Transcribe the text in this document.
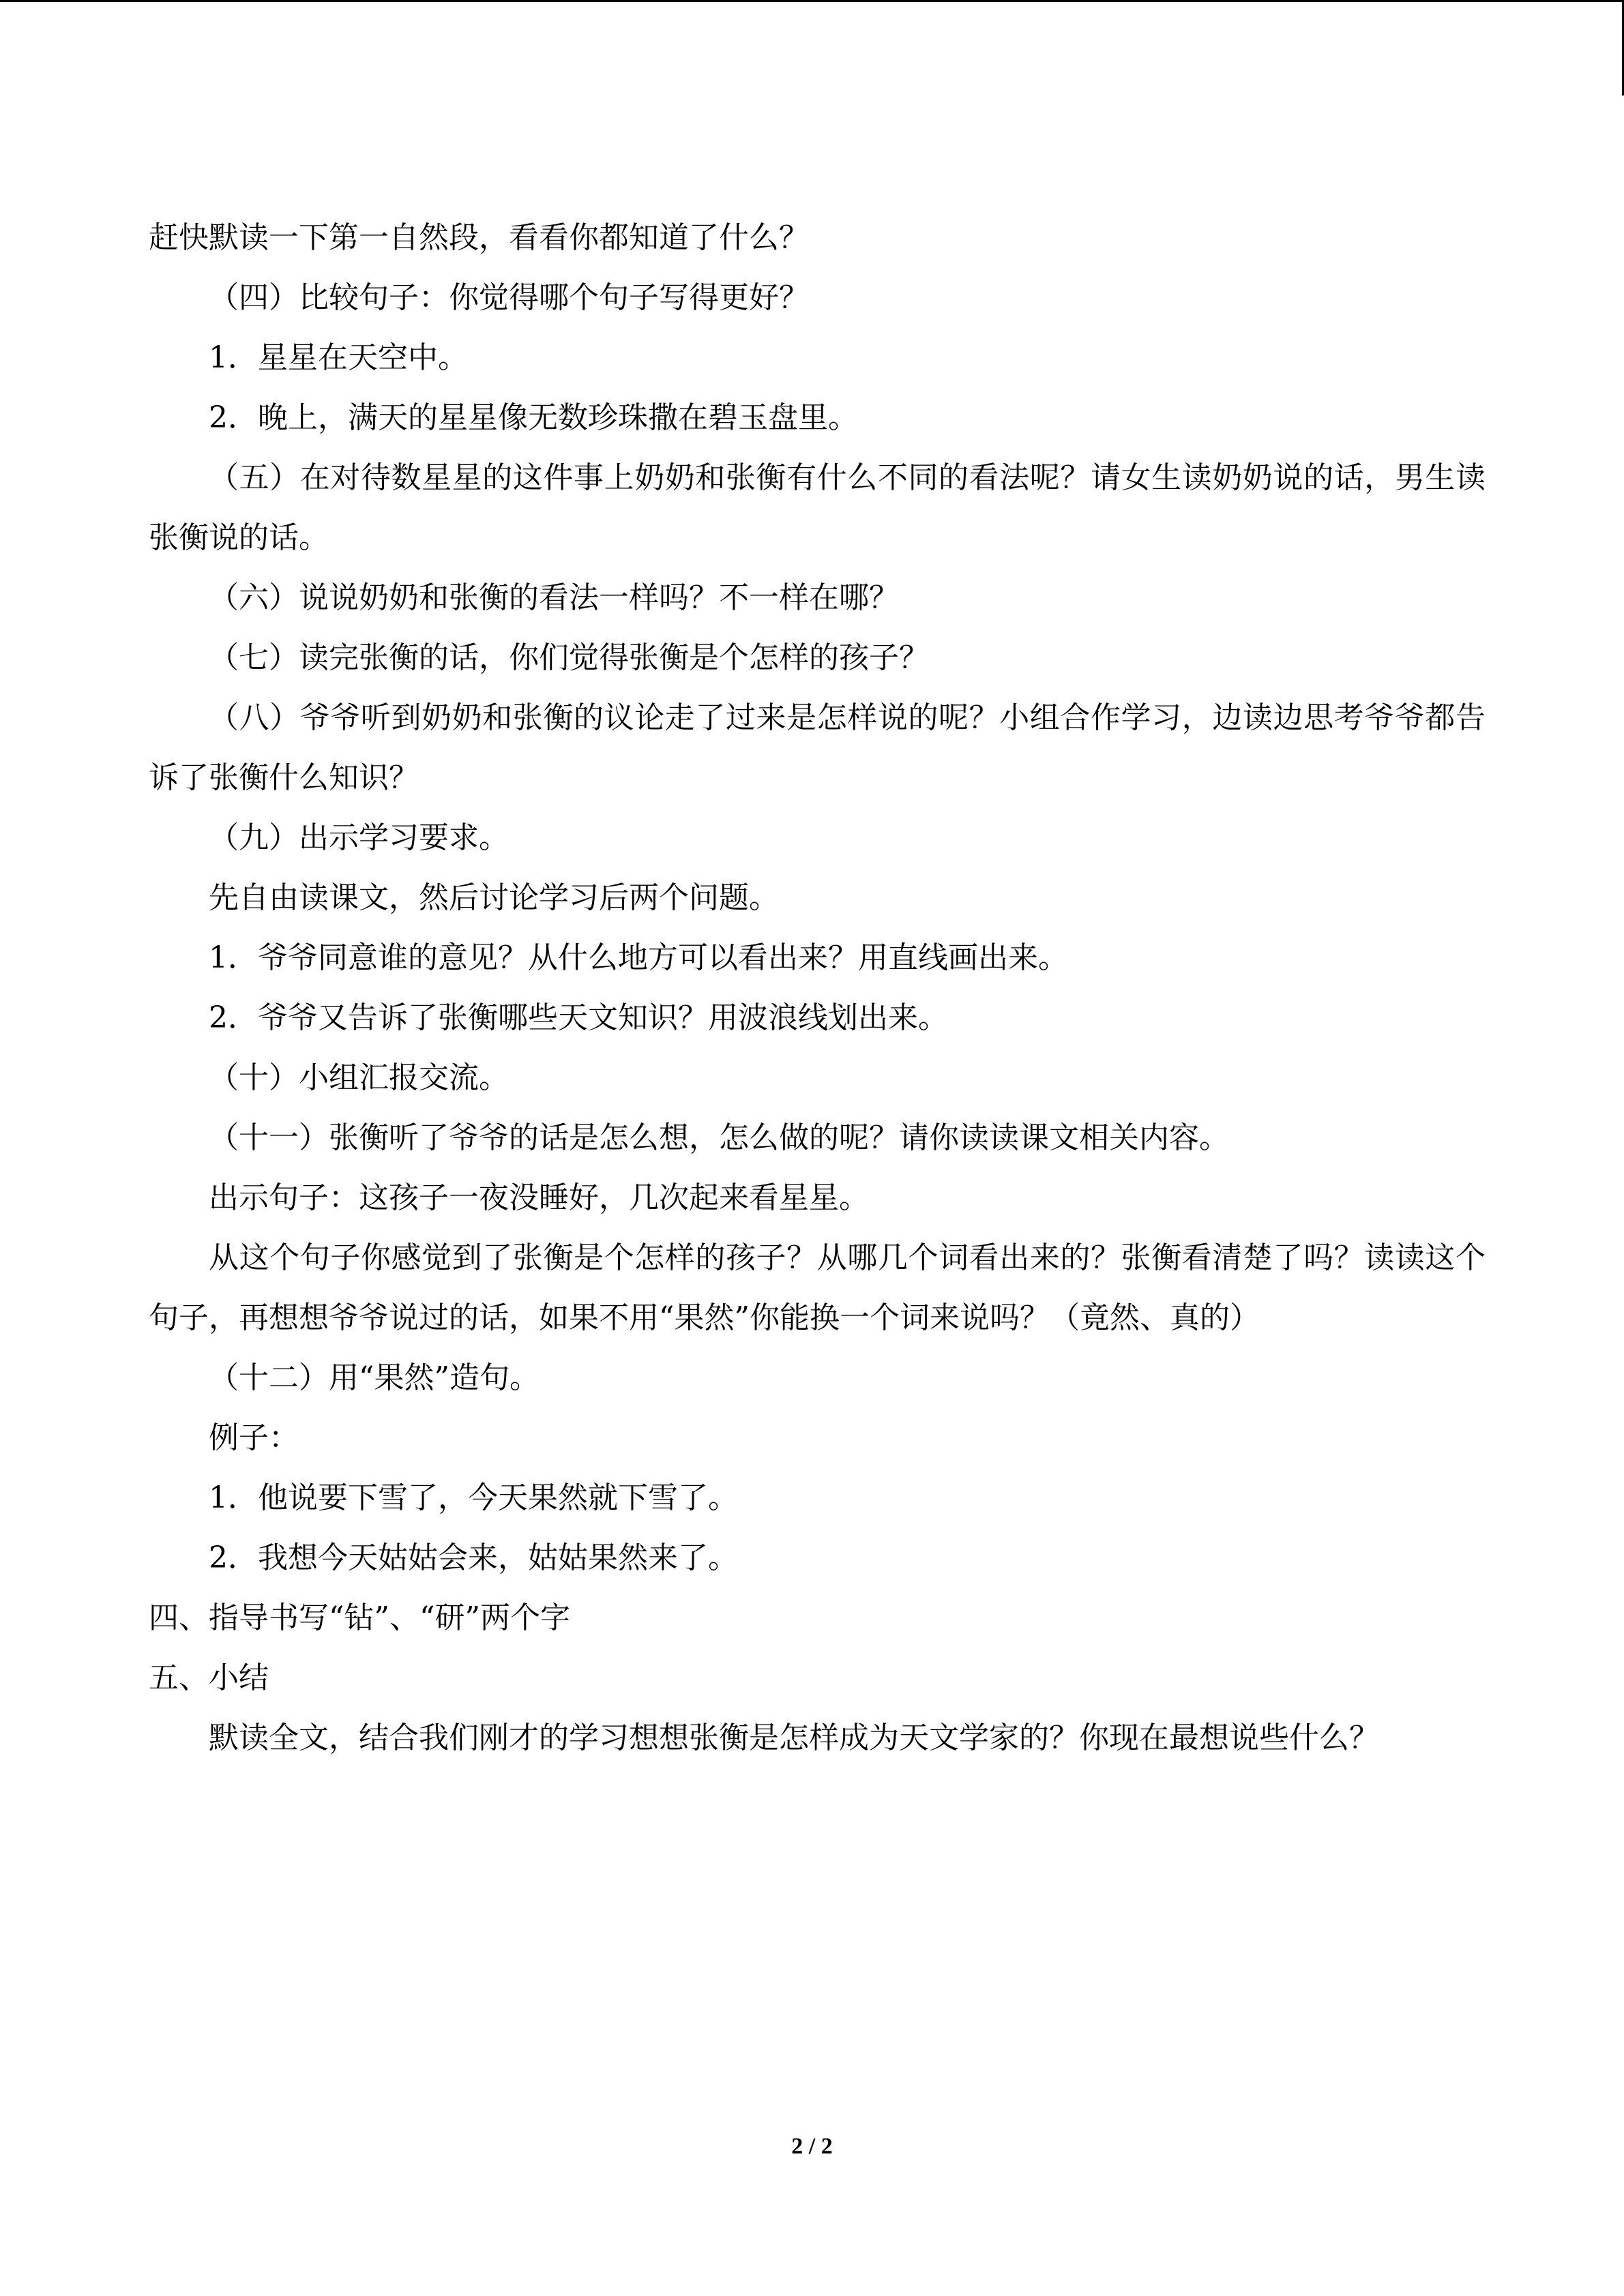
赶快默读一下第一自然段，看看你都知道了什么？

（四）比较句子：你觉得哪个句子写得更好？

1．星星在天空中。

2．晚上，满天的星星像无数珍珠撒在碧玉盘里。

（五）在对待数星星的这件事上奶奶和张衡有什么不同的看法呢？请女生读奶奶说的话，男生读张衡说的话。

（六）说说奶奶和张衡的看法一样吗？不一样在哪？

（七）读完张衡的话，你们觉得张衡是个怎样的孩子？

（八）爷爷听到奶奶和张衡的议论走了过来是怎样说的呢？小组合作学习，边读边思考爷爷都告诉了张衡什么知识？

（九）出示学习要求。

先自由读课文，然后讨论学习后两个问题。

1．爷爷同意谁的意见？从什么地方可以看出来？用直线画出来。

2．爷爷又告诉了张衡哪些天文知识？用波浪线划出来。

（十）小组汇报交流。

（十一）张衡听了爷爷的话是怎么想，怎么做的呢？请你读读课文相关内容。

出示句子：这孩子一夜没睡好，几次起来看星星。

从这个句子你感觉到了张衡是个怎样的孩子？从哪几个词看出来的？张衡看清楚了吗？读读这个句子，再想想爷爷说过的话，如果不用“果然”你能换一个词来说吗？（竟然、真的）

（十二）用“果然”造句。

例子：

1．他说要下雪了，今天果然就下雪了。

2．我想今天姑姑会来，姑姑果然来了。

四、指导书写“钻”、“研”两个字

五、小结

默读全文，结合我们刚才的学习想想张衡是怎样成为天文学家的？你现在最想说些什么？

2 / 2
